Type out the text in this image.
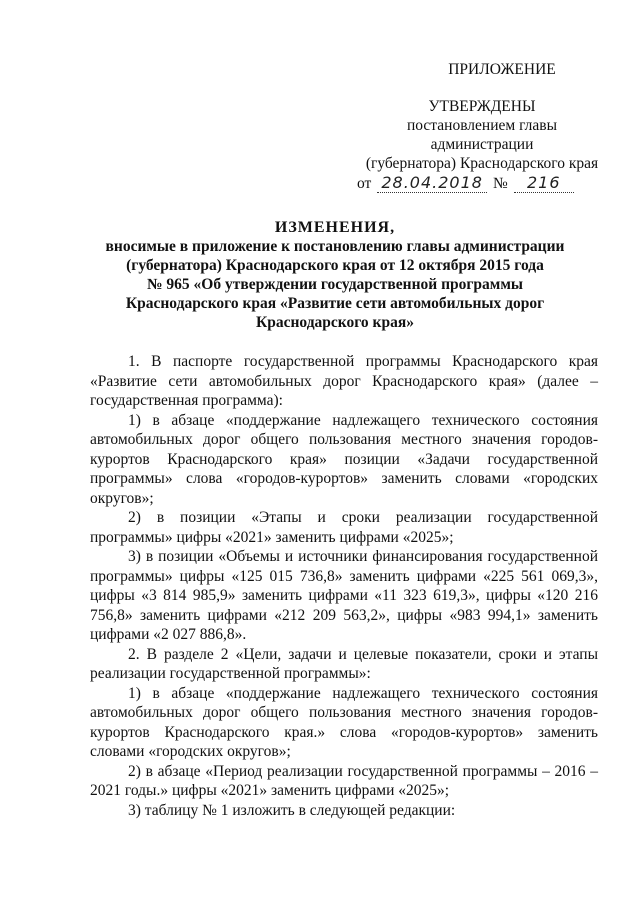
ПРИЛОЖЕНИЕ
УТВЕРЖДЕНЫ
постановлением главы администрации
(губернатора) Краснодарского края
от 28.04.2018 №	216
ИЗМЕНЕНИЯ,
вносимые в приложение к постановлению главы администрации
(губернатора) Краснодарского края от 12 октября 2015 года
№ 965 «Об утверждении государственной программы
Краснодарского края «Развитие сети автомобильных дорог
Краснодарского края»

1. В паспорте государственной программы Краснодарского края «Развитие сети автомобильных дорог Краснодарского края» (далее – государственная программа):

1) в абзаце «поддержание надлежащего технического состояния автомобильных дорог общего пользования местного значения городов-курортов Краснодарского края» позиции «Задачи государственной программы» слова «городов-курортов» заменить словами «городских округов»;

2) в позиции «Этапы и сроки реализации государственной программы» цифры «2021» заменить цифрами «2025»;

3) в позиции «Объемы и источники финансирования государственной программы» цифры «125 015 736,8» заменить цифрами «225 561 069,3», цифры «3 814 985,9» заменить цифрами «11 323 619,3», цифры «120 216 756,8» заменить цифрами «212 209 563,2», цифры «983 994,1» заменить цифрами «2 027 886,8».

2. В разделе 2 «Цели, задачи и целевые показатели, сроки и этапы реализации государственной программы»:

1) в абзаце «поддержание надлежащего технического состояния автомобильных дорог общего пользования местного значения городов-курортов Краснодарского края.» слова «городов-курортов» заменить словами «городских округов»;

2) в абзаце «Период реализации государственной программы – 2016 – 2021 годы.» цифры «2021» заменить цифрами «2025»;

3) таблицу № 1 изложить в следующей редакции:
